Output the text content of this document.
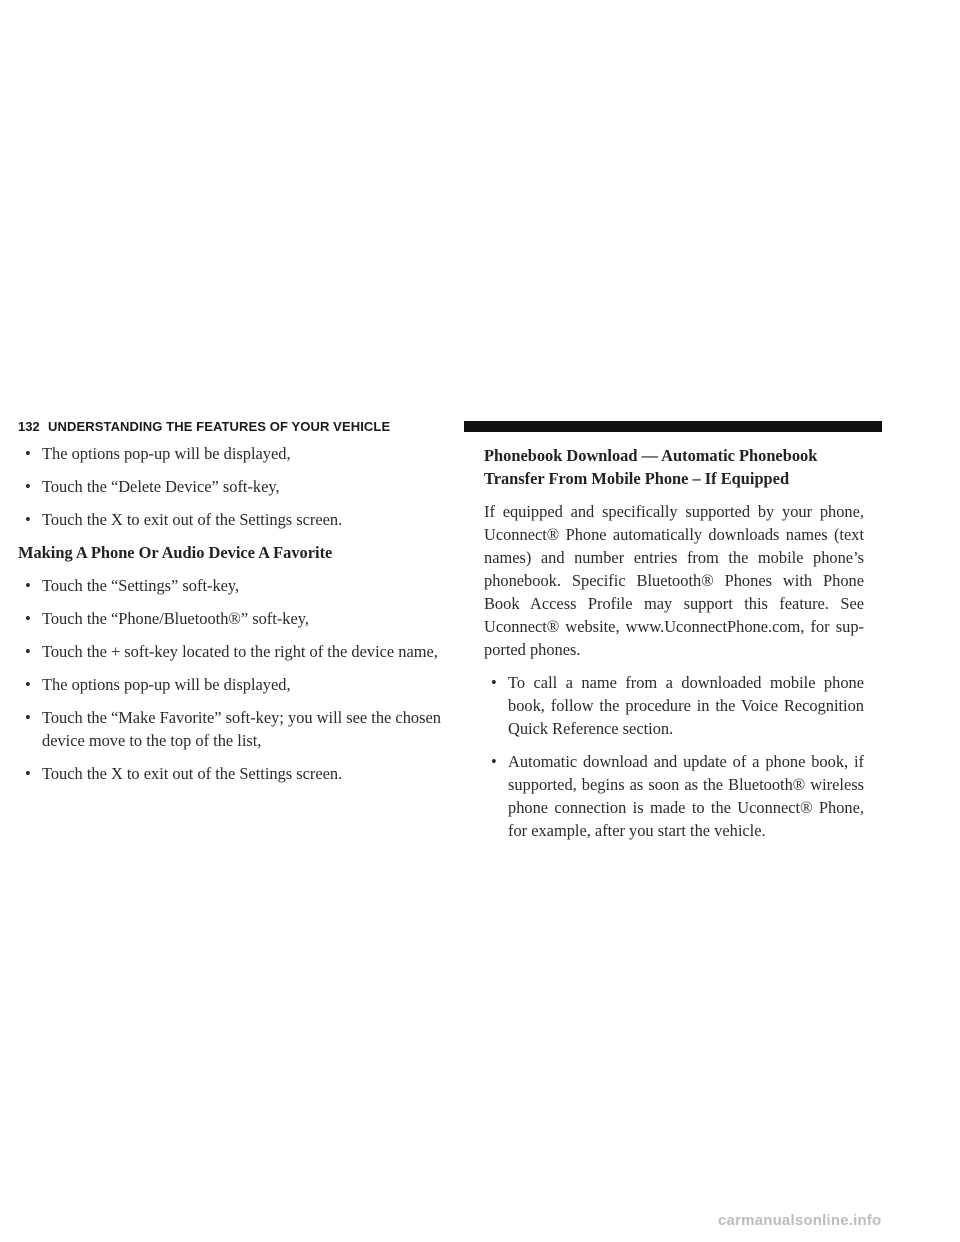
132 UNDERSTANDING THE FEATURES OF YOUR VEHICLE
• The options pop-up will be displayed,
• Touch the “Delete Device” soft-key,
• Touch the X to exit out of the Settings screen.
Making A Phone Or Audio Device A Favorite
• Touch the “Settings” soft-key,
• Touch the “Phone/Bluetooth®” soft-key,
• Touch the + soft-key located to the right of the device name,
• The options pop-up will be displayed,
• Touch the “Make Favorite” soft-key; you will see the chosen device move to the top of the list,
• Touch the X to exit out of the Settings screen.
Phonebook Download — Automatic Phonebook Transfer From Mobile Phone – If Equipped

If equipped and specifically supported by your phone, Uconnect® Phone automatically downloads names (text names) and number entries from the mobile phone’s phonebook. Specific Bluetooth® Phones with Phone Book Access Profile may support this feature. See Uconnect® website, www.UconnectPhone.com, for sup-ported phones.

• To call a name from a downloaded mobile phone book, follow the procedure in the Voice Recognition Quick Reference section.
• Automatic download and update of a phone book, if supported, begins as soon as the Bluetooth® wireless phone connection is made to the Uconnect® Phone, for example, after you start the vehicle.
carmanualsonline.info
